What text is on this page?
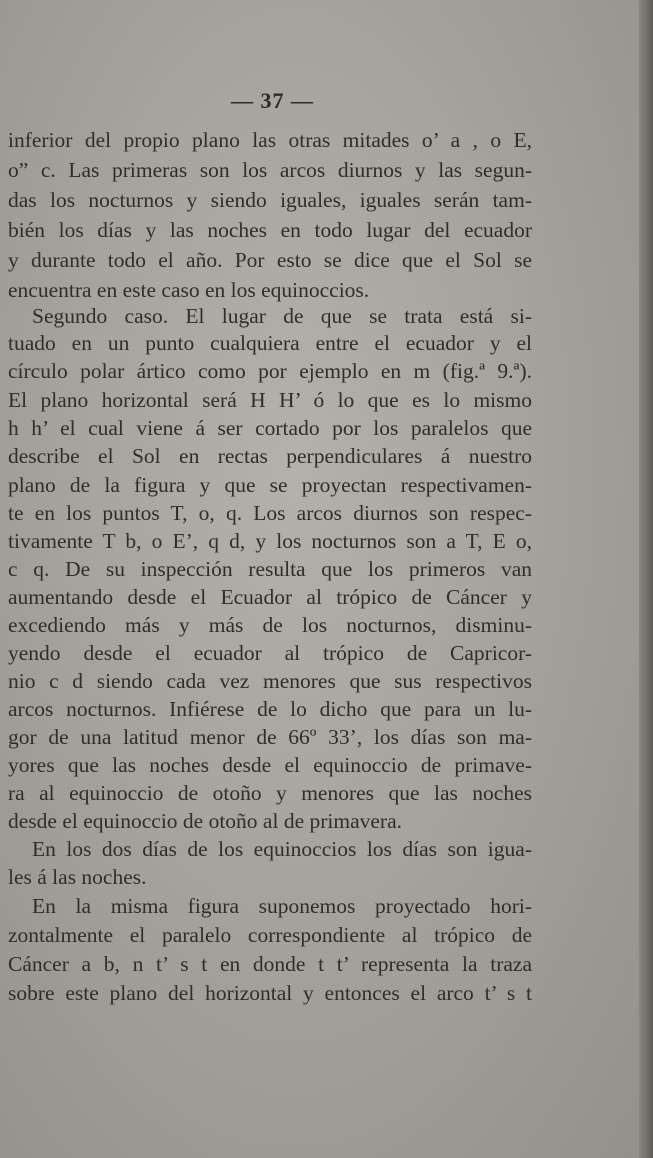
— 37 —
inferior del propio plano las otras mitades o’ a , o E,
o” c. Las primeras son los arcos diurnos y las segun-
das los nocturnos y siendo iguales, iguales serán tam-
bién los días y las noches en todo lugar del ecuador
y durante todo el año. Por esto se dice que el Sol se
encuentra en este caso en los equinoccios.
Segundo caso. El lugar de que se trata está si-
tuado en un punto cualquiera entre el ecuador y el
círculo polar ártico como por ejemplo en m (fig.ª 9.ª).
El plano horizontal será H H’ ó lo que es lo mismo
h h’ el cual viene á ser cortado por los paralelos que
describe el Sol en rectas perpendiculares á nuestro
plano de la figura y que se proyectan respectivamen-
te en los puntos T, o, q. Los arcos diurnos son respec-
tivamente T b, o E’, q d, y los nocturnos son a T, E o,
c q. De su inspección resulta que los primeros van
aumentando desde el Ecuador al trópico de Cáncer y
excediendo más y más de los nocturnos, disminu-
yendo desde el ecuador al trópico de Capricor-
nio c d siendo cada vez menores que sus respectivos
arcos nocturnos. Infiérese de lo dicho que para un lu-
gor de una latitud menor de 66º 33’, los días son ma-
yores que las noches desde el equinoccio de primave-
ra al equinoccio de otoño y menores que las noches
desde el equinoccio de otoño al de primavera.
En los dos días de los equinoccios los días son igua-
les á las noches.
En la misma figura suponemos proyectado hori-
zontalmente el paralelo correspondiente al trópico de
Cáncer a b, n t’ s t en donde t t’ representa la traza
sobre este plano del horizontal y entonces el arco t’ s t
